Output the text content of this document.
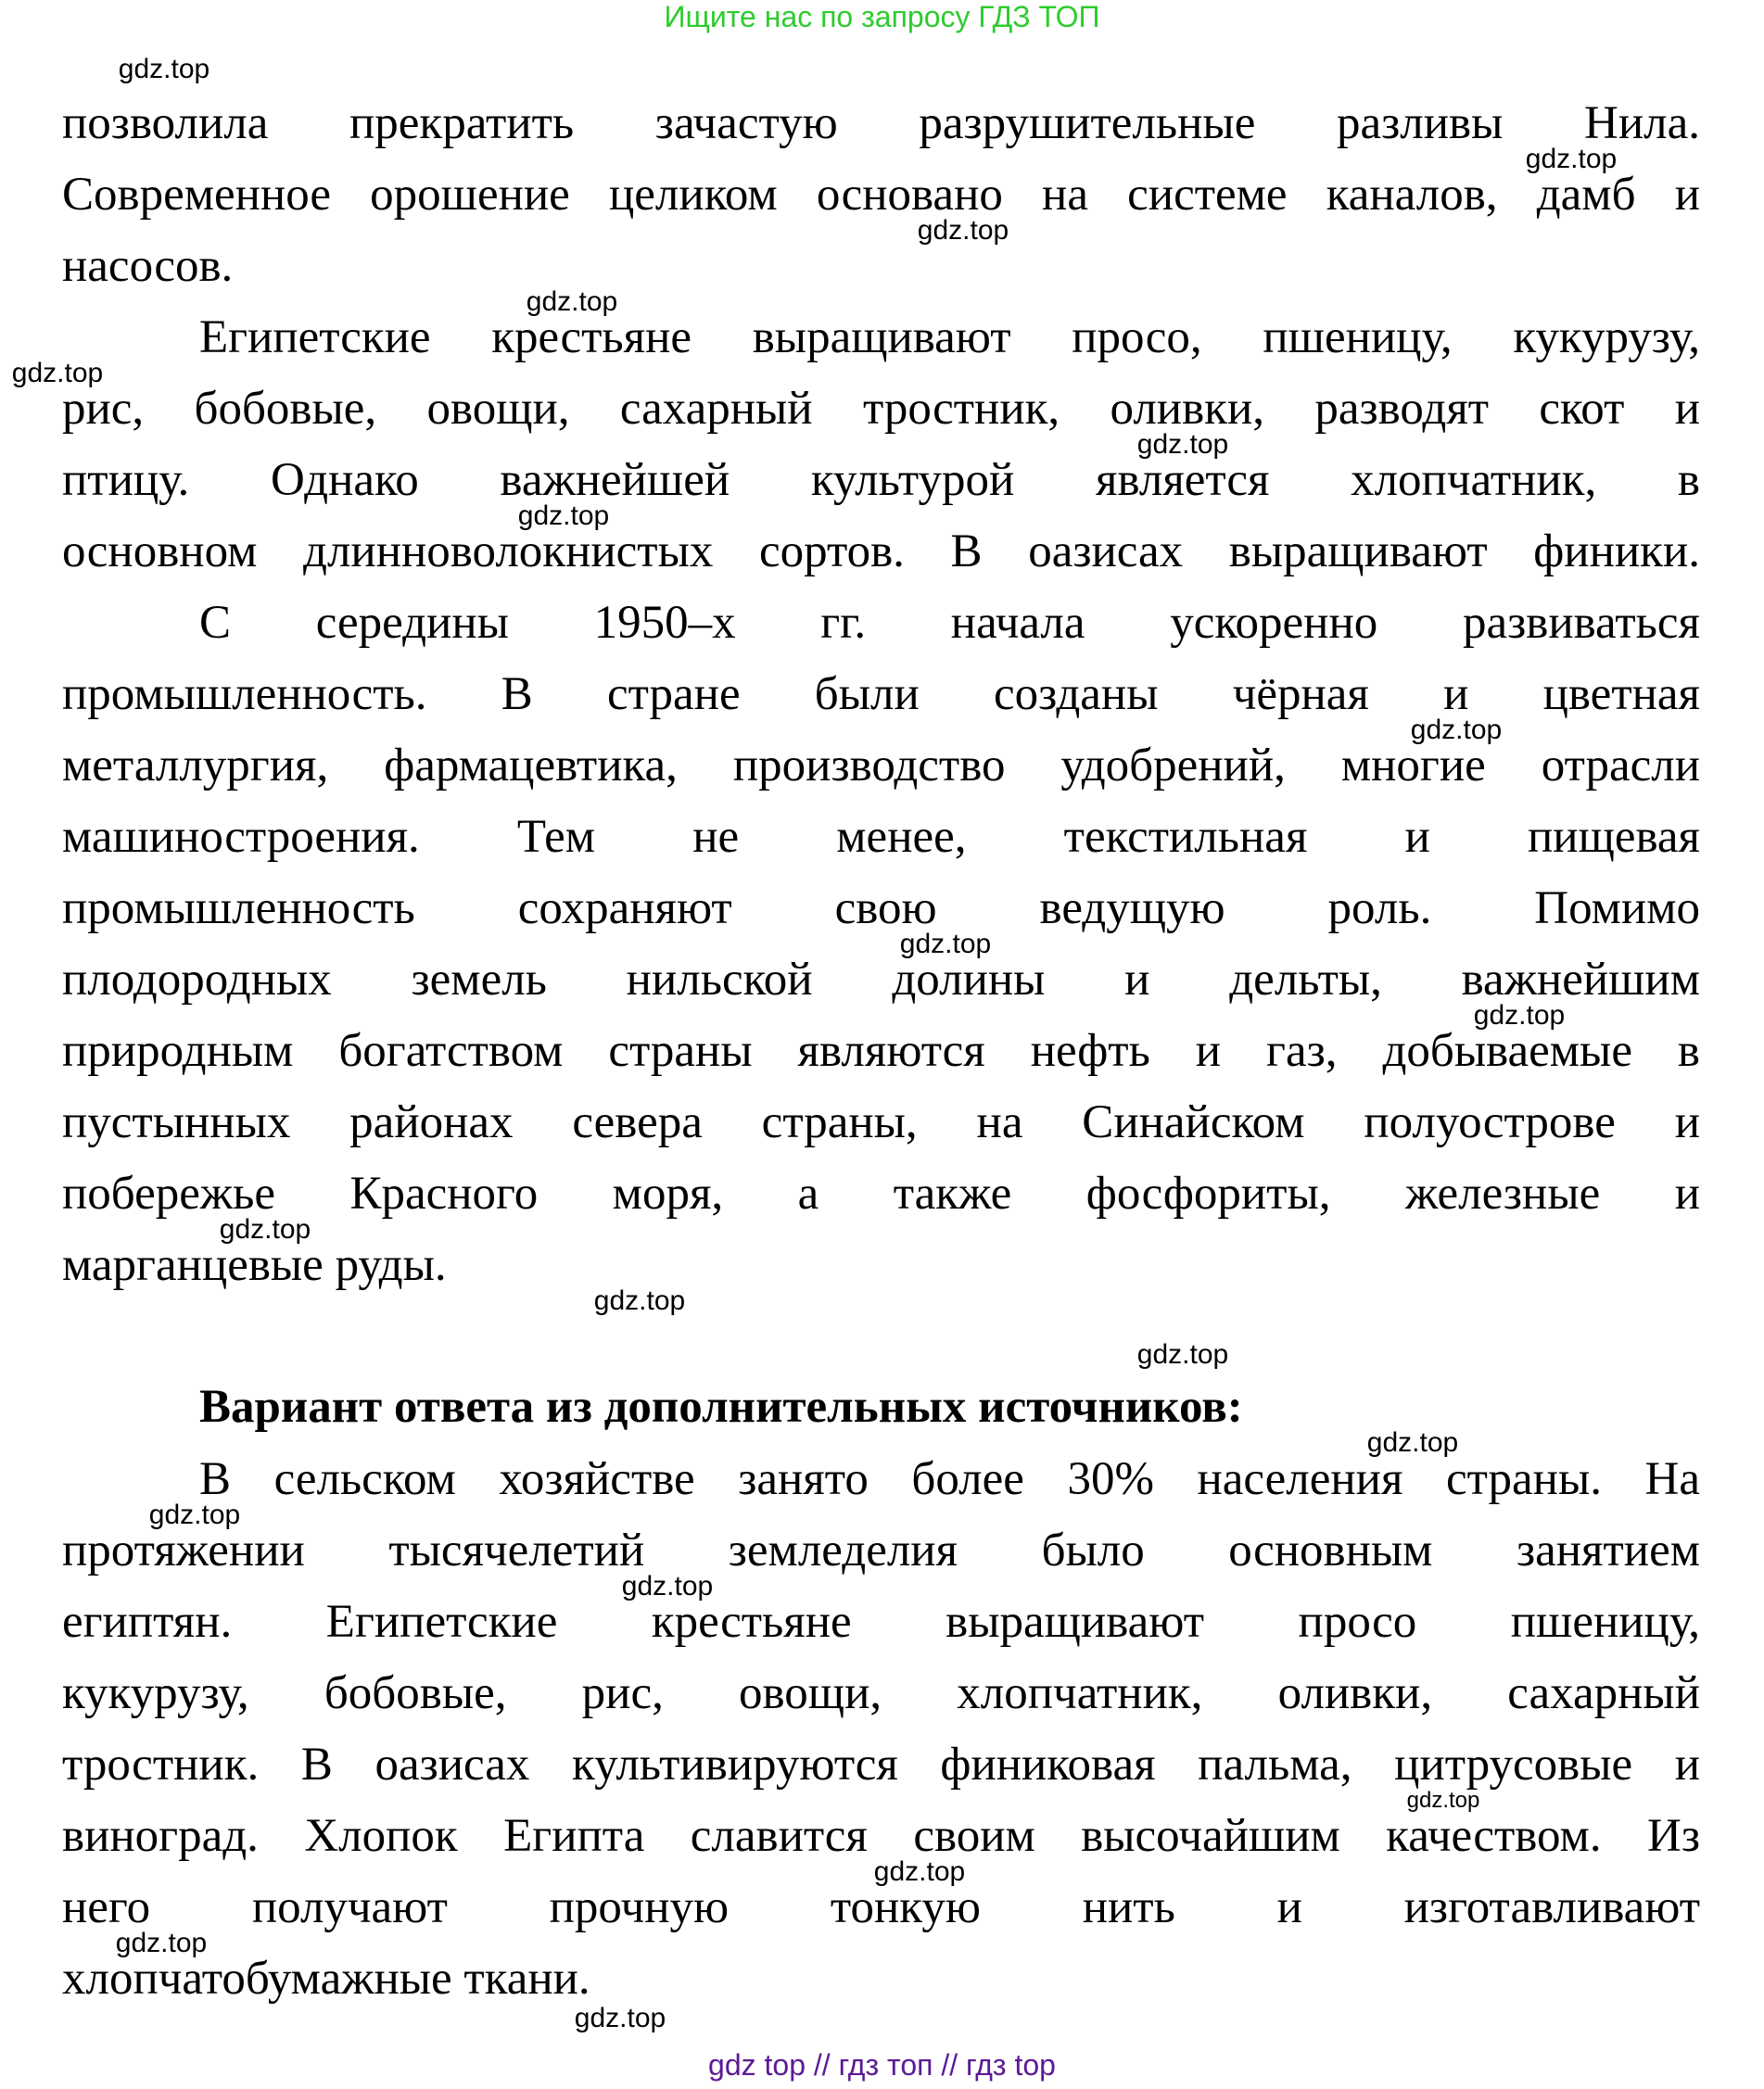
Ищите нас по запросу ГДЗ ТОП
позволила прекратить зачастую разрушительные разливы Нила.
Современное орошение целиком основано на системе каналов, дамб и
насосов.
Египетские крестьяне выращивают просо, пшеницу, кукурузу,
рис, бобовые, овощи, сахарный тростник, оливки, разводят скот и
птицу. Однако важнейшей культурой является хлопчатник, в
основном длинноволокнистых сортов. В оазисах выращивают финики.
С середины 1950–х гг. начала ускоренно развиваться
промышленность. В стране были созданы чёрная и цветная
металлургия, фармацевтика, производство удобрений, многие отрасли
машиностроения. Тем не менее, текстильная и пищевая
промышленность сохраняют свою ведущую роль. Помимо
плодородных земель нильской долины и дельты, важнейшим
природным богатством страны являются нефть и газ, добываемые в
пустынных районах севера страны, на Синайском полуострове и
побережье Красного моря, а также фосфориты, железные и
марганцевые руды.
В сельском хозяйстве занято более 30% населения страны. На
протяжении тысячелетий земледелия было основным занятием
египтян. Египетские крестьяне выращивают просо пшеницу,
кукурузу, бобовые, рис, овощи, хлопчатник, оливки, сахарный
тростник. В оазисах культивируются финиковая пальма, цитрусовые и
виноград. Хлопок Египта славится своим высочайшим качеством. Из
него получают прочную тонкую нить и изготавливают
хлопчатобумажные ткани.
Вариант ответа из дополнительных источников:
gdz.top
gdz.top
gdz.top
gdz.top
gdz.top
gdz.top
gdz.top
gdz.top
gdz.top
gdz.top
gdz.top
gdz.top
gdz.top
gdz.top
gdz.top
gdz.top
gdz.top
gdz.top
gdz.top
gdz.top
gdz top // гдз топ // гдз top
